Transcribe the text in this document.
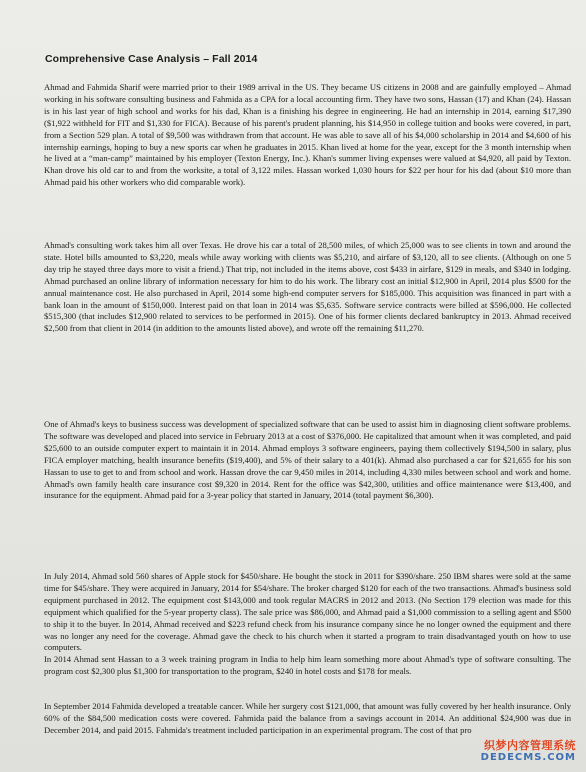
Comprehensive Case Analysis – Fall 2014
Ahmad and Fahmida Sharif were married prior to their 1989 arrival in the US. They became US citizens in 2008 and are gainfully employed – Ahmad working in his software consulting business and Fahmida as a CPA for a local accounting firm. They have two sons, Hassan (17) and Khan (24). Hassan is in his last year of high school and works for his dad, Khan is a finishing his degree in engineering. He had an internship in 2014, earning $17,390 ($1,922 withheld for FIT and $1,330 for FICA). Because of his parent's prudent planning, his $14,950 in college tuition and books were covered, in part, from a Section 529 plan. A total of $9,500 was withdrawn from that account. He was able to save all of his $4,000 scholarship in 2014 and $4,600 of his internship earnings, hoping to buy a new sports car when he graduates in 2015. Khan lived at home for the year, except for the 3 month internship when he lived at a “man-camp” maintained by his employer (Texton Energy, Inc.). Khan's summer living expenses were valued at $4,920, all paid by Texton. Khan drove his old car to and from the worksite, a total of 3,122 miles. Hassan worked 1,030 hours for $22 per hour for his dad (about $10 more than Ahmad paid his other workers who did comparable work).
Ahmad's consulting work takes him all over Texas. He drove his car a total of 28,500 miles, of which 25,000 was to see clients in town and around the state. Hotel bills amounted to $3,220, meals while away working with clients was $5,210, and airfare of $3,120, all to see clients. (Although on one 5 day trip he stayed three days more to visit a friend.) That trip, not included in the items above, cost $433 in airfare, $129 in meals, and $340 in lodging. Ahmad purchased an online library of information necessary for him to do his work. The library cost an initial $12,900 in April, 2014 plus $500 for the annual maintenance cost. He also purchased in April, 2014 some high-end computer servers for $185,000. This acquisition was financed in part with a bank loan in the amount of $150,000. Interest paid on that loan in 2014 was $5,635. Software service contracts were billed at $596,000. He collected $515,300 (that includes $12,900 related to services to be performed in 2015). One of his former clients declared bankruptcy in 2013. Ahmad received $2,500 from that client in 2014 (in addition to the amounts listed above), and wrote off the remaining $11,270.
One of Ahmad's keys to business success was development of specialized software that can be used to assist him in diagnosing client software problems. The software was developed and placed into service in February 2013 at a cost of $376,000. He capitalized that amount when it was completed, and paid $25,600 to an outside computer expert to maintain it in 2014. Ahmad employs 3 software engineers, paying them collectively $194,500 in salary, plus FICA employer matching, health insurance benefits ($19,400), and 5% of their salary to a 401(k). Ahmad also purchased a car for $21,655 for his son Hassan to use to get to and from school and work. Hassan drove the car 9,450 miles in 2014, including 4,330 miles between school and work and home. Ahmad's own family health care insurance cost $9,320 in 2014. Rent for the office was $42,300, utilities and office maintenance were $13,400, and insurance for the equipment. Ahmad paid for a 3-year policy that started in January, 2014 (total payment $6,300).
In July 2014, Ahmad sold 560 shares of Apple stock for $450/share. He bought the stock in 2011 for $390/share. 250 IBM shares were sold at the same time for $45/share. They were acquired in January, 2014 for $54/share. The broker charged $120 for each of the two transactions. Ahmad's business sold equipment purchased in 2012. The equipment cost $143,000 and took regular MACRS in 2012 and 2013. (No Section 179 election was made for this equipment which qualified for the 5-year property class). The sale price was $86,000, and Ahmad paid a $1,000 commission to a selling agent and $500 to ship it to the buyer. In 2014, Ahmad received and $223 refund check from his insurance company since he no longer owned the equipment and there was no longer any need for the coverage. Ahmad gave the check to his church when it started a program to train disadvantaged youth on how to use computers.
In 2014 Ahmad sent Hassan to a 3 week training program in India to help him learn something more about Ahmad's type of software consulting. The program cost $2,300 plus $1,300 for transportation to the program, $240 in hotel costs and $178 for meals.
In September 2014 Fahmida developed a treatable cancer. While her surgery cost $121,000, that amount was fully covered by her health insurance. Only 60% of the $84,500 medication costs were covered. Fahmida paid the balance from a savings account in 2014. An additional $24,900 was due in December 2014, and paid 2015. Fahmida's treatment included participation in an experimental program. The cost of that pro
织梦内容管理系统
DEDECMS.COM
